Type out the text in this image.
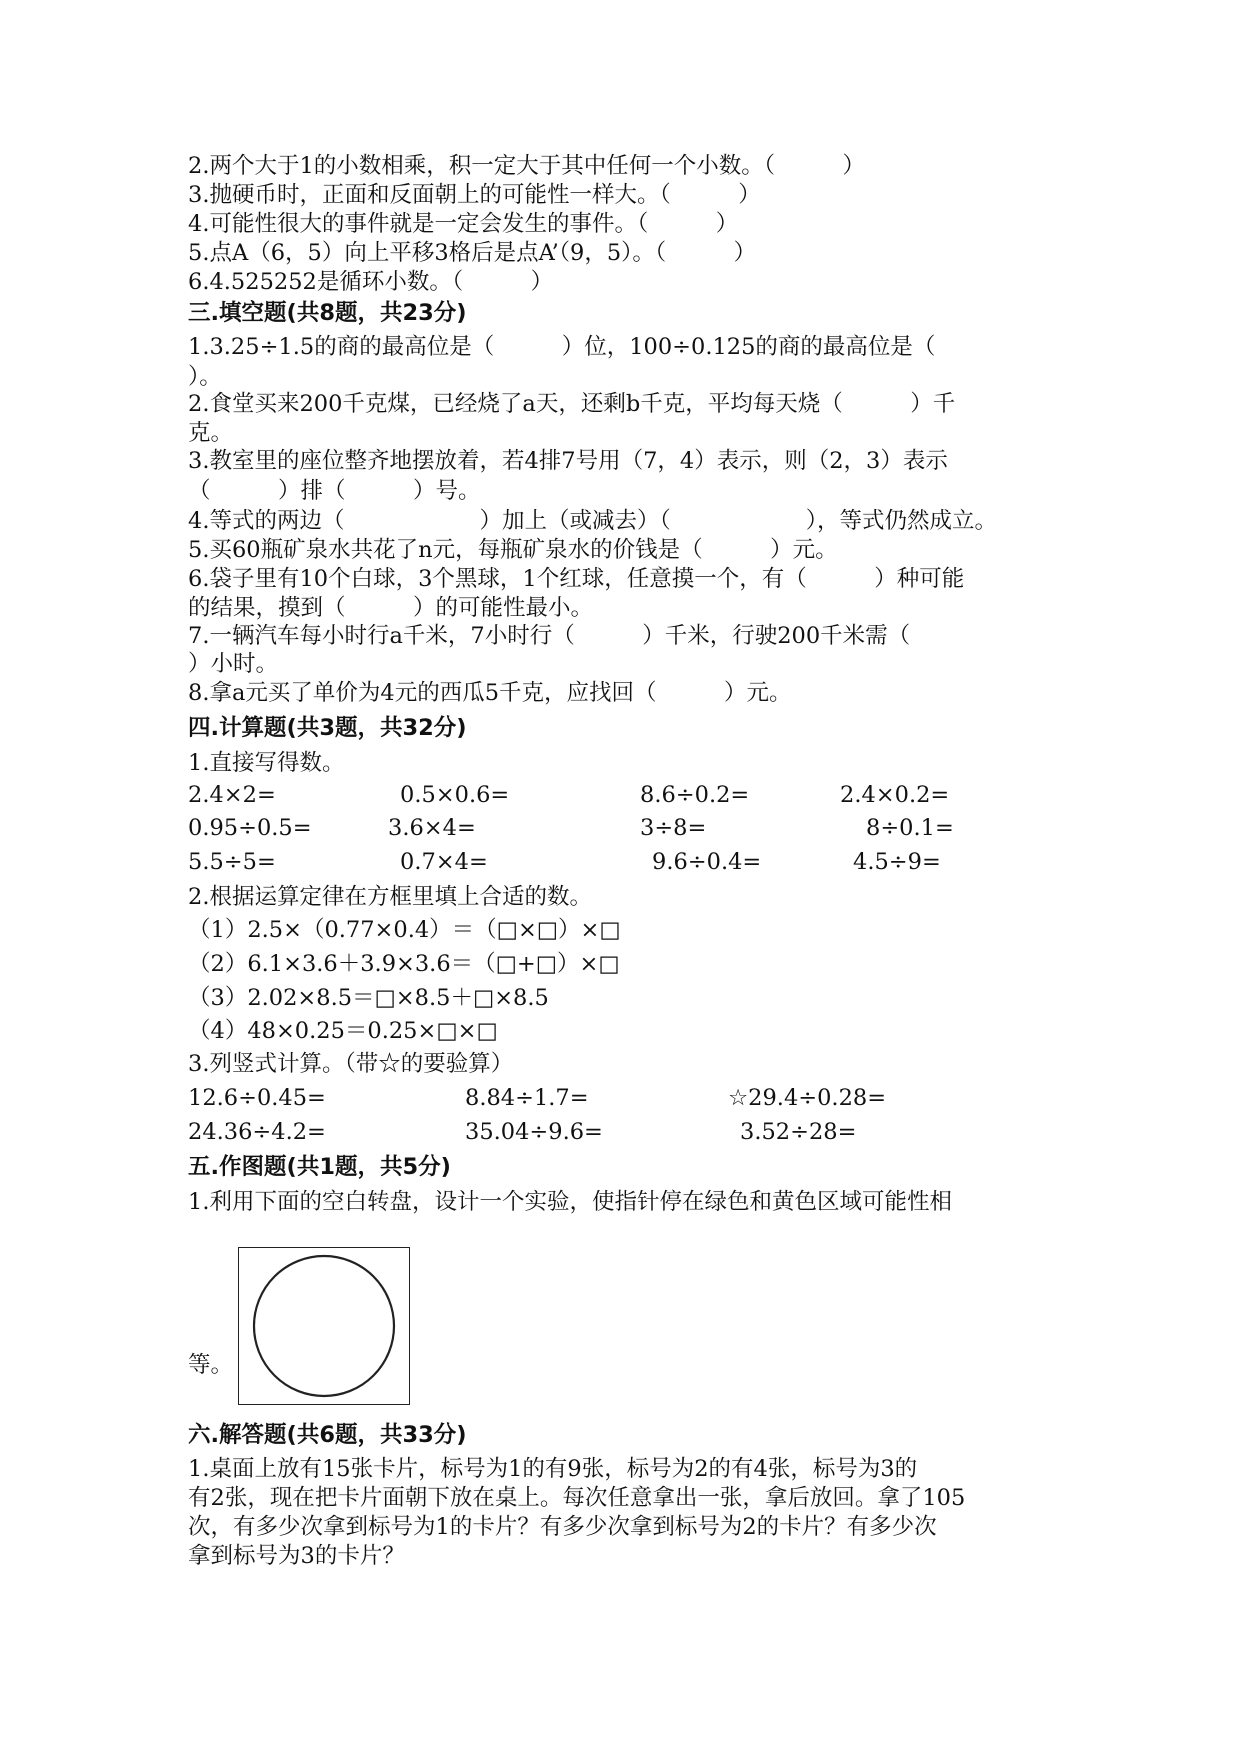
2.两个大于1的小数相乘，积一定大于其中任何一个小数。（　　　）
3.抛硬币时，正面和反面朝上的可能性一样大。（　　　）
4.可能性很大的事件就是一定会发生的事件。（　　　）
5.点A（6，5）向上平移3格后是点A’（9，5）。（　　　）
6.4.525252是循环小数。（　　　）
三.填空题(共8题，共23分)
1.3.25÷1.5的商的最高位是（　　　）位，100÷0.125的商的最高位是（
）。
2.食堂买来200千克煤，已经烧了a天，还剩b千克，平均每天烧（　　　）千
克。
3.教室里的座位整齐地摆放着，若4排7号用（7，4）表示，则（2，3）表示
（　　　）排（　　　）号。
4.等式的两边（　　　　　　）加上（或减去）（　　　　　　），等式仍然成立。
5.买60瓶矿泉水共花了n元，每瓶矿泉水的价钱是（　　　）元。
6.袋子里有10个白球，3个黑球，1个红球，任意摸一个，有（　　　）种可能
的结果，摸到（　　　）的可能性最小。
7.一辆汽车每小时行a千米，7小时行（　　　）千米，行驶200千米需（
）小时。
8.拿a元买了单价为4元的西瓜5千克，应找回（　　　）元。
四.计算题(共3题，共32分)
1.直接写得数。
2.4×2=	0.5×0.6=	8.6÷0.2=	2.4×0.2=
0.95÷0.5=	3.6×4=	3÷8=	8÷0.1=
5.5÷5=	0.7×4=	9.6÷0.4=	4.5÷9=
2.根据运算定律在方框里填上合适的数。
（1）2.5×（0.77×0.4）＝（□×□）×□
（2）6.1×3.6＋3.9×3.6＝（□+□）×□
（3）2.02×8.5＝□×8.5＋□×8.5
（4）48×0.25＝0.25×□×□
3.列竖式计算。（带☆的要验算）
12.6÷0.45=	8.84÷1.7=	☆29.4÷0.28=
24.36÷4.2=	35.04÷9.6=	3.52÷28=
五.作图题(共1题，共5分)
1.利用下面的空白转盘，设计一个实验，使指针停在绿色和黄色区域可能性相
等。
六.解答题(共6题，共33分)
1.桌面上放有15张卡片，标号为1的有9张，标号为2的有4张，标号为3的
有2张，现在把卡片面朝下放在桌上。每次任意拿出一张，拿后放回。拿了105
次，有多少次拿到标号为1的卡片？有多少次拿到标号为2的卡片？有多少次
拿到标号为3的卡片？
